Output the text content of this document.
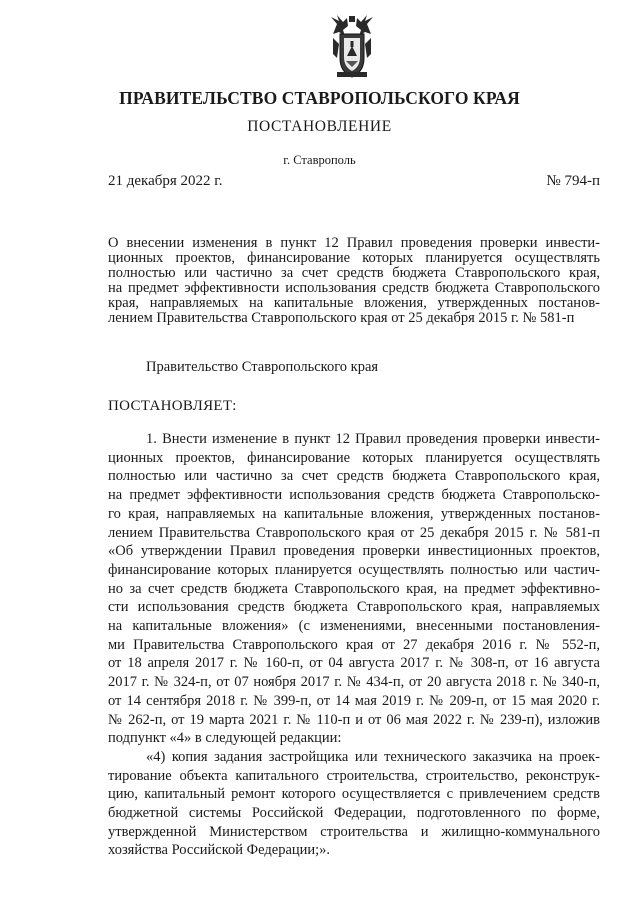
ПРАВИТЕЛЬСТВО СТАВРОПОЛЬСКОГО КРАЯ
ПОСТАНОВЛЕНИЕ
г. Ставрополь
21 декабря 2022 г.	№ 794-п
О внесении изменения в пункт 12 Правил проведения проверки инвести-
ционных проектов, финансирование которых планируется осуществлять
полностью или частично за счет средств бюджета Ставропольского края,
на предмет эффективности использования средств бюджета Ставропольского
края, направляемых на капитальные вложения, утвержденных постанов-
лением Правительства Ставропольского края от 25 декабря 2015 г. № 581-п
Правительство Ставропольского края
ПОСТАНОВЛЯЕТ:
1. Внести изменение в пункт 12 Правил проведения проверки инвести-
ционных проектов, финансирование которых планируется осуществлять
полностью или частично за счет средств бюджета Ставропольского края,
на предмет эффективности использования средств бюджета Ставропольско-
го края, направляемых на капитальные вложения, утвержденных постанов-
лением Правительства Ставропольского края от 25 декабря 2015 г. № 581-п
«Об утверждении Правил проведения проверки инвестиционных проектов,
финансирование которых планируется осуществлять полностью или частич-
но за счет средств бюджета Ставропольского края, на предмет эффективно-
сти использования средств бюджета Ставропольского края, направляемых
на капитальные вложения» (с изменениями, внесенными постановления-
ми Правительства Ставропольского края от 27 декабря 2016 г. № 552-п,
от 18 апреля 2017 г. № 160-п, от 04 августа 2017 г. № 308-п, от 16 августа
2017 г. № 324-п, от 07 ноября 2017 г. № 434-п, от 20 августа 2018 г. № 340-п,
от 14 сентября 2018 г. № 399-п, от 14 мая 2019 г. № 209-п, от 15 мая 2020 г.
№ 262-п, от 19 марта 2021 г. № 110-п и от 06 мая 2022 г. № 239-п), изложив
подпункт «4» в следующей редакции:
«4) копия задания застройщика или технического заказчика на проек-
тирование объекта капитального строительства, строительство, реконструк-
цию, капитальный ремонт которого осуществляется с привлечением средств
бюджетной системы Российской Федерации, подготовленного по форме,
утвержденной Министерством строительства и жилищно-коммунального
хозяйства Российской Федерации;».
